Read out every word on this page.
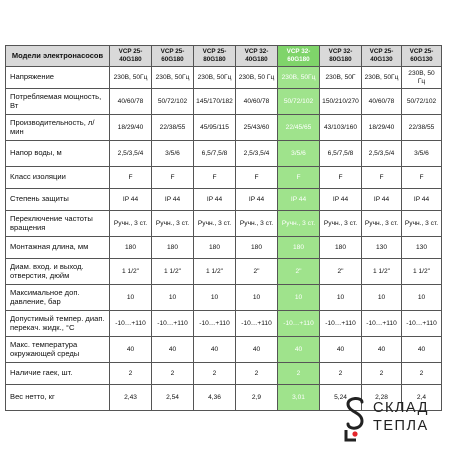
Модели электронасосов	VCP 25-40G180	VCP 25-60G180	VCP 25-80G180	VCP 32-40G180	VCP 32-60G180	VCP 32-80G180	VCP 25-40G130	VCP 25-60G130
Напряжение	230В, 50Гц	230В, 50Гц	230В, 50Гц	230В, 50 Гц	230В, 50Гц	230В, 50Г	230В, 50Гц	230В, 50 Гц
Потребляемая мощность, Вт	40/60/78	50/72/102	145/170/182	40/60/78	50/72/102	150/210/270	40/60/78	50/72/102
Производительность, л/мин	18/29/40	22/38/55	45/95/115	25/43/60	22/45/65	43/103/160	18/29/40	22/38/55
Напор воды, м	2,5/3,5/4	3/5/6	6,5/7,5/8	2,5/3,5/4	3/5/6	6,5/7,5/8	2,5/3,5/4	3/5/6
Класс изоляции	F	F	F	F	F	F	F	F
Степень защиты	IP 44	IP 44	IP 44	IP 44	IP 44	IP 44	IP 44	IP 44
Переключение частоты вращения	Ручн., 3 ст.	Ручн., 3 ст.	Ручн., 3 ст.	Ручн., 3 ст.	Ручн., 3 ст.	Ручн., 3 ст.	Ручн., 3 ст.	Ручн., 3 ст.
Монтажная длина, мм	180	180	180	180	180	180	130	130
Диам. вход. и выход. отверстия, дюйм	1 1/2"	1 1/2"	1 1/2"	2"	2"	2"	1 1/2"	1 1/2"
Максимальное доп. давление, бар	10	10	10	10	10	10	10	10
Допустимый темпер. диап. перекач. жидк., °С	-10…+110	-10…+110	-10…+110	-10…+110	-10…+110	-10…+110	-10…+110	-10…+110
Макс. температура окружающей среды	40	40	40	40	40	40	40	40
Наличие гаек, шт.	2	2	2	2	2	2	2	2
Вес нетто, кг	2,43	2,54	4,36	2,9	3,01	5,24	2,28	2,4
СКЛАД
ТЕПЛА
